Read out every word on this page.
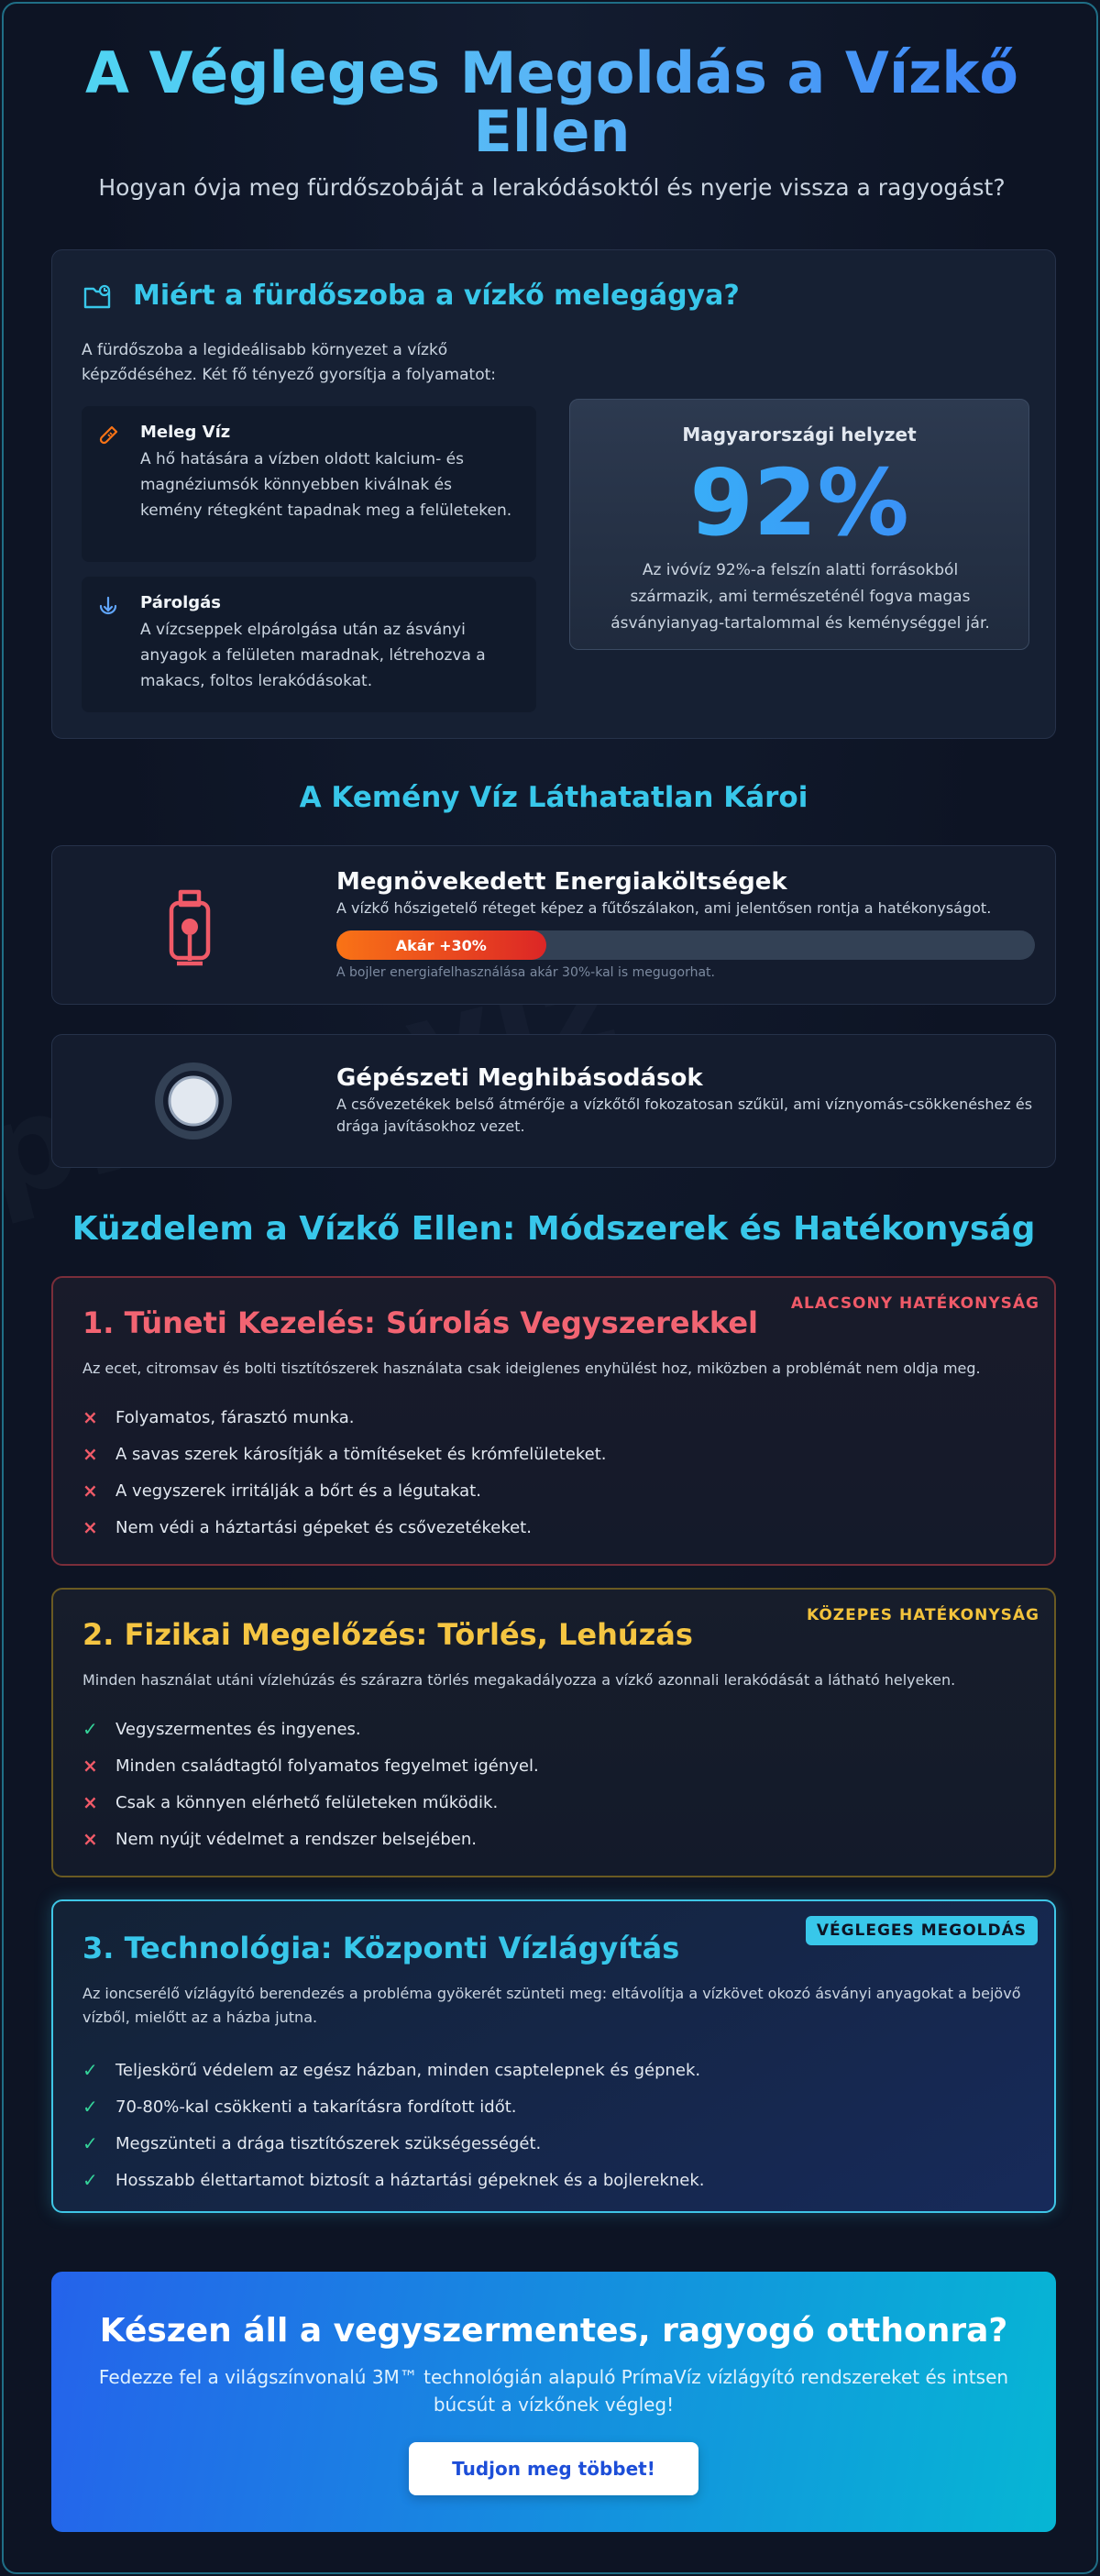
A Végleges Megoldás a Vízkő Ellen

Hogyan óvja meg fürdőszobáját a lerakódásoktól és nyerje vissza a ragyogást?

Miért a fürdőszoba a vízkő melegágya?

A fürdőszoba a legideálisabb környezet a vízkő képződéséhez. Két fő tényező gyorsítja a folyamatot:

Meleg Víz
A hő hatására a vízben oldott kalcium- és magnéziumsók könnyebben kiválnak és kemény rétegként tapadnak meg a felületeken.
Párolgás
A vízcseppek elpárolgása után az ásványi anyagok a felületen maradnak, létrehozva a makacs, foltos lerakódásokat.
Magyarországi helyzet
92%
Az ivóvíz 92%-a felszín alatti forrásokból származik, ami természeténél fogva magas ásványianyag-tartalommal és keménységgel jár.
A Kemény Víz Láthatatlan Károi
Megnövekedett Energiaköltségek
A vízkő hőszigetelő réteget képez a fűtőszálakon, ami jelentősen rontja a hatékonyságot.
Akár +30%
A bojler energiafelhasználása akár 30%-kal is megugorhat.
Gépészeti Meghibásodások
A csővezetékek belső átmérője a vízkőtől fokozatosan szűkül, ami víznyomás-csökkenéshez és drága javításokhoz vezet.
Küzdelem a Vízkő Ellen: Módszerek és Hatékonyság
ALACSONY HATÉKONYSÁG
1. Tüneti Kezelés: Súrolás Vegyszerekkel

Az ecet, citromsav és bolti tisztítószerek használata csak ideiglenes enyhülést hoz, miközben a problémát nem oldja meg.

×	Folyamatos, fárasztó munka.
×	A savas szerek károsítják a tömítéseket és krómfelületeket.
×	A vegyszerek irritálják a bőrt és a légutakat.
×	Nem védi a háztartási gépeket és csővezetékeket.
KÖZEPES HATÉKONYSÁG
2. Fizikai Megelőzés: Törlés, Lehúzás

Minden használat utáni vízlehúzás és szárazra törlés megakadályozza a vízkő azonnali lerakódását a látható helyeken.

✓	Vegyszermentes és ingyenes.
×	Minden családtagtól folyamatos fegyelmet igényel.
×	Csak a könnyen elérhető felületeken működik.
×	Nem nyújt védelmet a rendszer belsejében.
VÉGLEGES MEGOLDÁS
3. Technológia: Központi Vízlágyítás

Az ioncserélő vízlágyító berendezés a probléma gyökerét szünteti meg: eltávolítja a vízkövet okozó ásványi anyagokat a bejövő vízből, mielőtt az a házba jutna.

✓	Teljeskörű védelem az egész házban, minden csaptelepnek és gépnek.
✓	70-80%-kal csökkenti a takarításra fordított időt.
✓	Megszünteti a drága tisztítószerek szükségességét.
✓	Hosszabb élettartamot biztosít a háztartási gépeknek és a bojlereknek.
Készen áll a vegyszermentes, ragyogó otthonra?

Fedezze fel a világszínvonalú 3M™ technológián alapuló PrímaVíz vízlágyító rendszereket és intsen búcsút a vízkőnek végleg!

Tudjon meg többet!
